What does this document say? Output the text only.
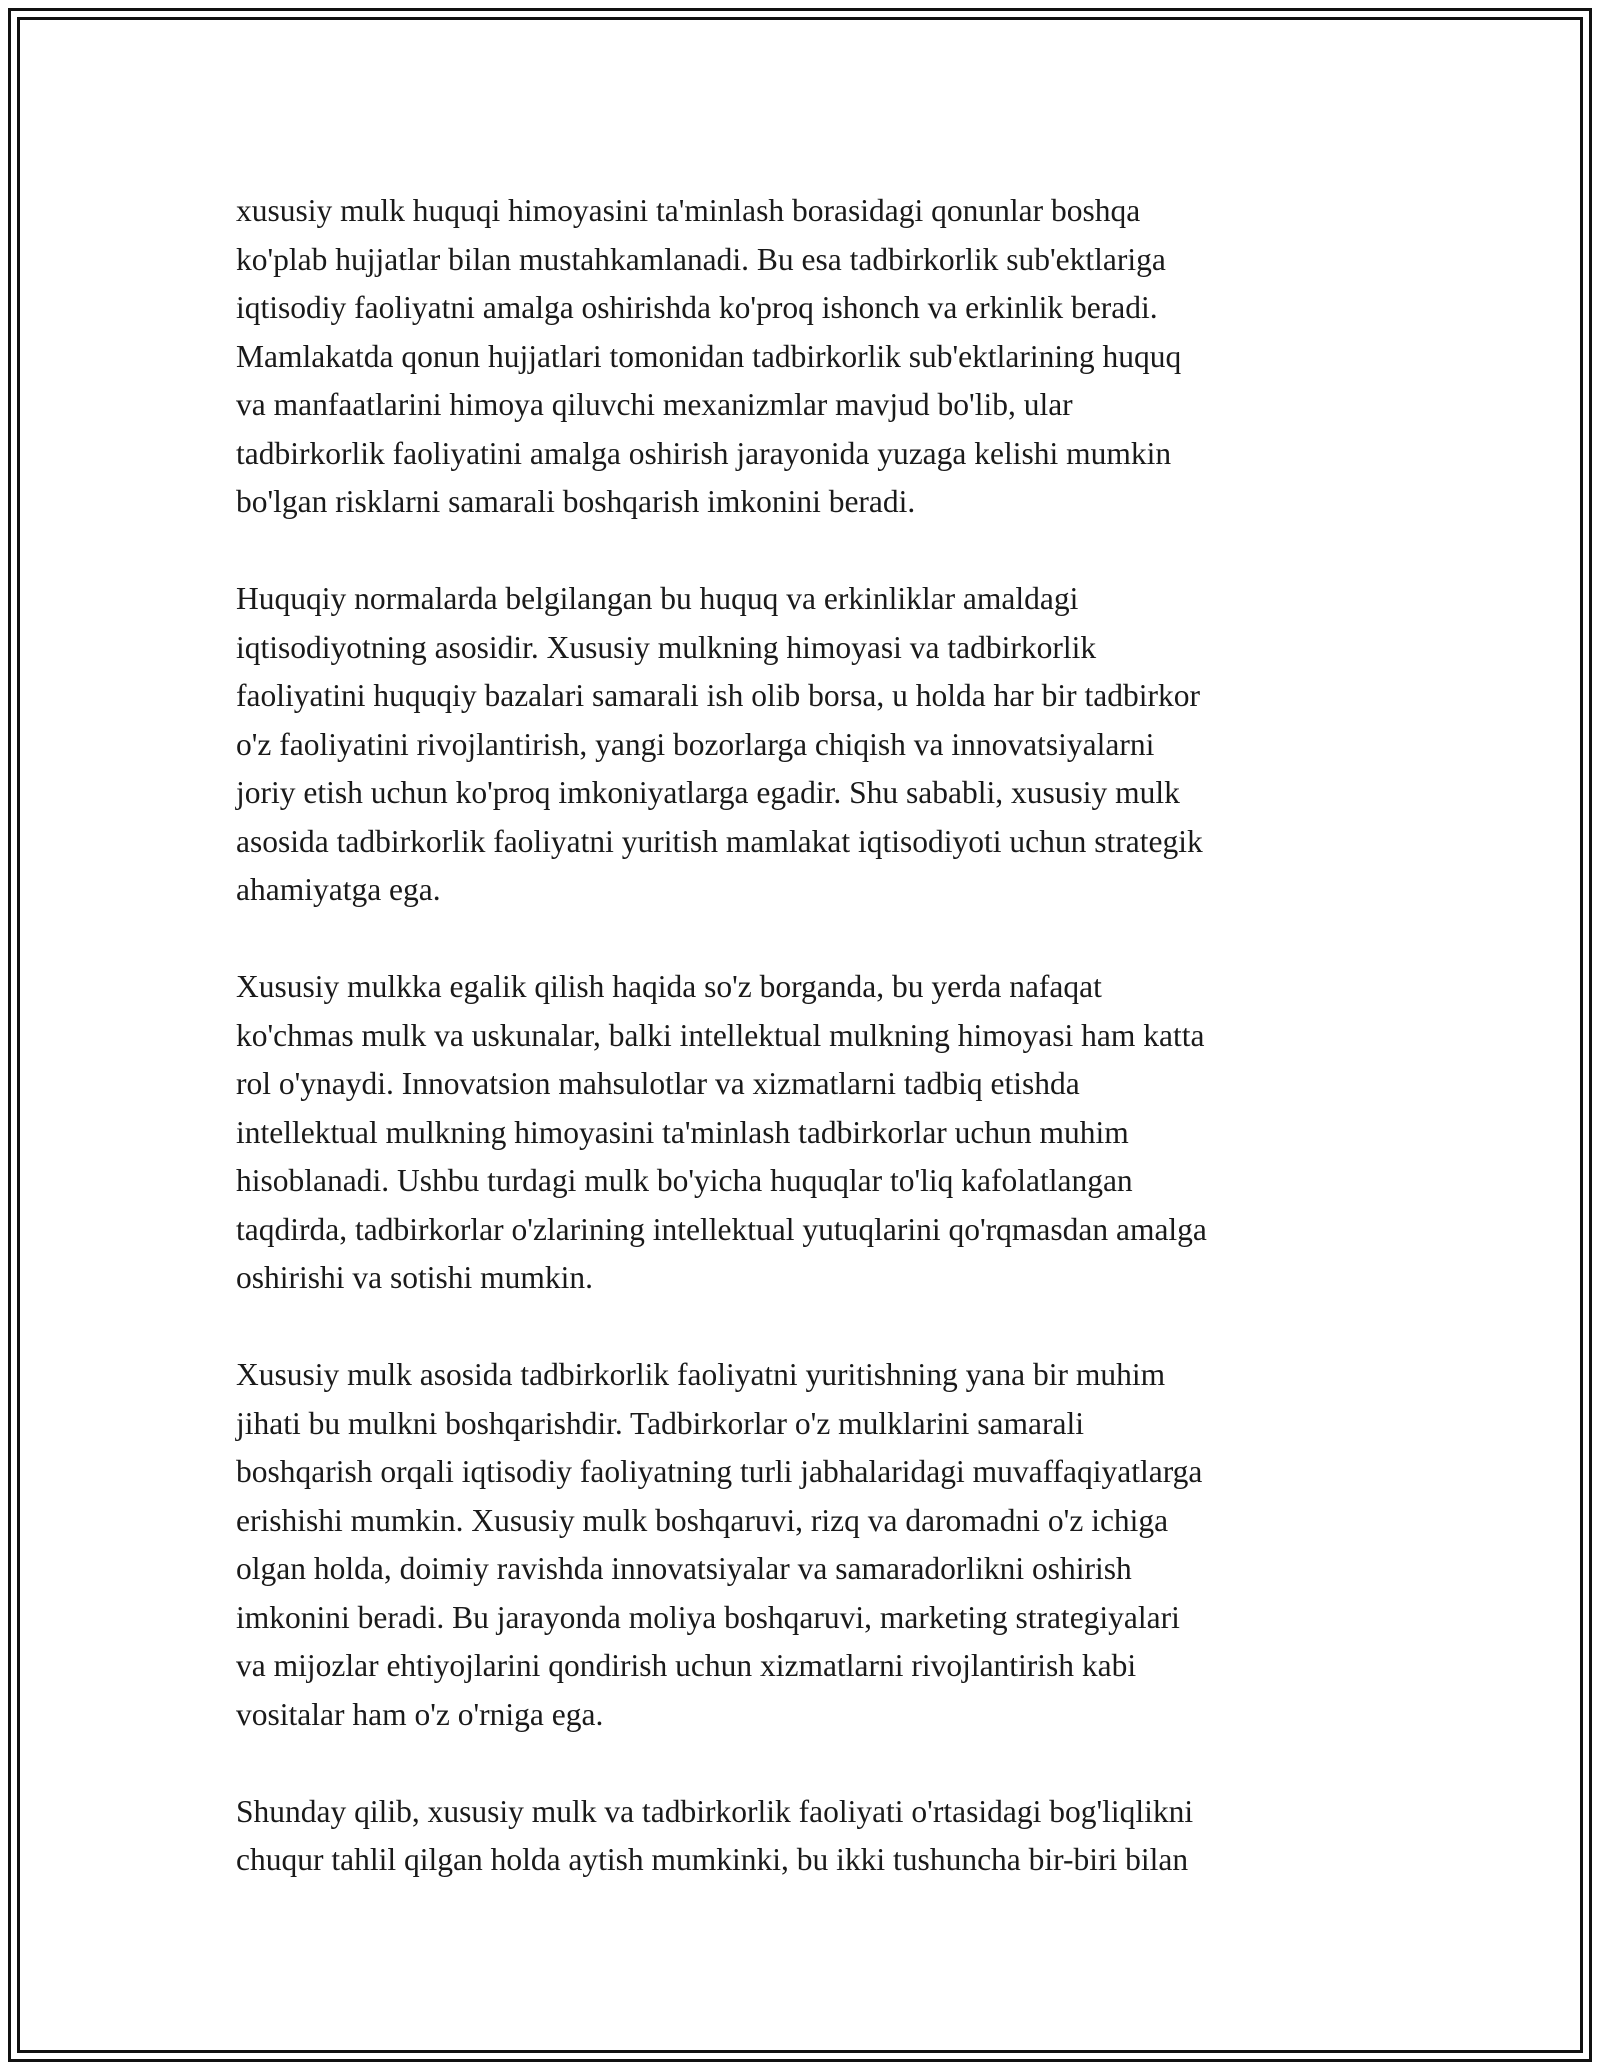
xususiy mulk huquqi himoyasini ta'minlash borasidagi qonunlar boshqa
ko'plab hujjatlar bilan mustahkamlanadi. Bu esa tadbirkorlik sub'ektlariga
iqtisodiy faoliyatni amalga oshirishda ko'proq ishonch va erkinlik beradi.
Mamlakatda qonun hujjatlari tomonidan tadbirkorlik sub'ektlarining huquq
va manfaatlarini himoya qiluvchi mexanizmlar mavjud bo'lib, ular
tadbirkorlik faoliyatini amalga oshirish jarayonida yuzaga kelishi mumkin
bo'lgan risklarni samarali boshqarish imkonini beradi.

Huquqiy normalarda belgilangan bu huquq va erkinliklar amaldagi
iqtisodiyotning asosidir. Xususiy mulkning himoyasi va tadbirkorlik
faoliyatini huquqiy bazalari samarali ish olib borsa, u holda har bir tadbirkor
o'z faoliyatini rivojlantirish, yangi bozorlarga chiqish va innovatsiyalarni
joriy etish uchun ko'proq imkoniyatlarga egadir. Shu sababli, xususiy mulk
asosida tadbirkorlik faoliyatni yuritish mamlakat iqtisodiyoti uchun strategik
ahamiyatga ega.

Xususiy mulkka egalik qilish haqida so'z borganda, bu yerda nafaqat
ko'chmas mulk va uskunalar, balki intellektual mulkning himoyasi ham katta
rol o'ynaydi. Innovatsion mahsulotlar va xizmatlarni tadbiq etishda
intellektual mulkning himoyasini ta'minlash tadbirkorlar uchun muhim
hisoblanadi. Ushbu turdagi mulk bo'yicha huquqlar to'liq kafolatlangan
taqdirda, tadbirkorlar o'zlarining intellektual yutuqlarini qo'rqmasdan amalga
oshirishi va sotishi mumkin.

Xususiy mulk asosida tadbirkorlik faoliyatni yuritishning yana bir muhim
jihati bu mulkni boshqarishdir. Tadbirkorlar o'z mulklarini samarali
boshqarish orqali iqtisodiy faoliyatning turli jabhalaridagi muvaffaqiyatlarga
erishishi mumkin. Xususiy mulk boshqaruvi, rizq va daromadni o'z ichiga
olgan holda, doimiy ravishda innovatsiyalar va samaradorlikni oshirish
imkonini beradi. Bu jarayonda moliya boshqaruvi, marketing strategiyalari
va mijozlar ehtiyojlarini qondirish uchun xizmatlarni rivojlantirish kabi
vositalar ham o'z o'rniga ega.

Shunday qilib, xususiy mulk va tadbirkorlik faoliyati o'rtasidagi bog'liqlikni
chuqur tahlil qilgan holda aytish mumkinki, bu ikki tushuncha bir-biri bilan
